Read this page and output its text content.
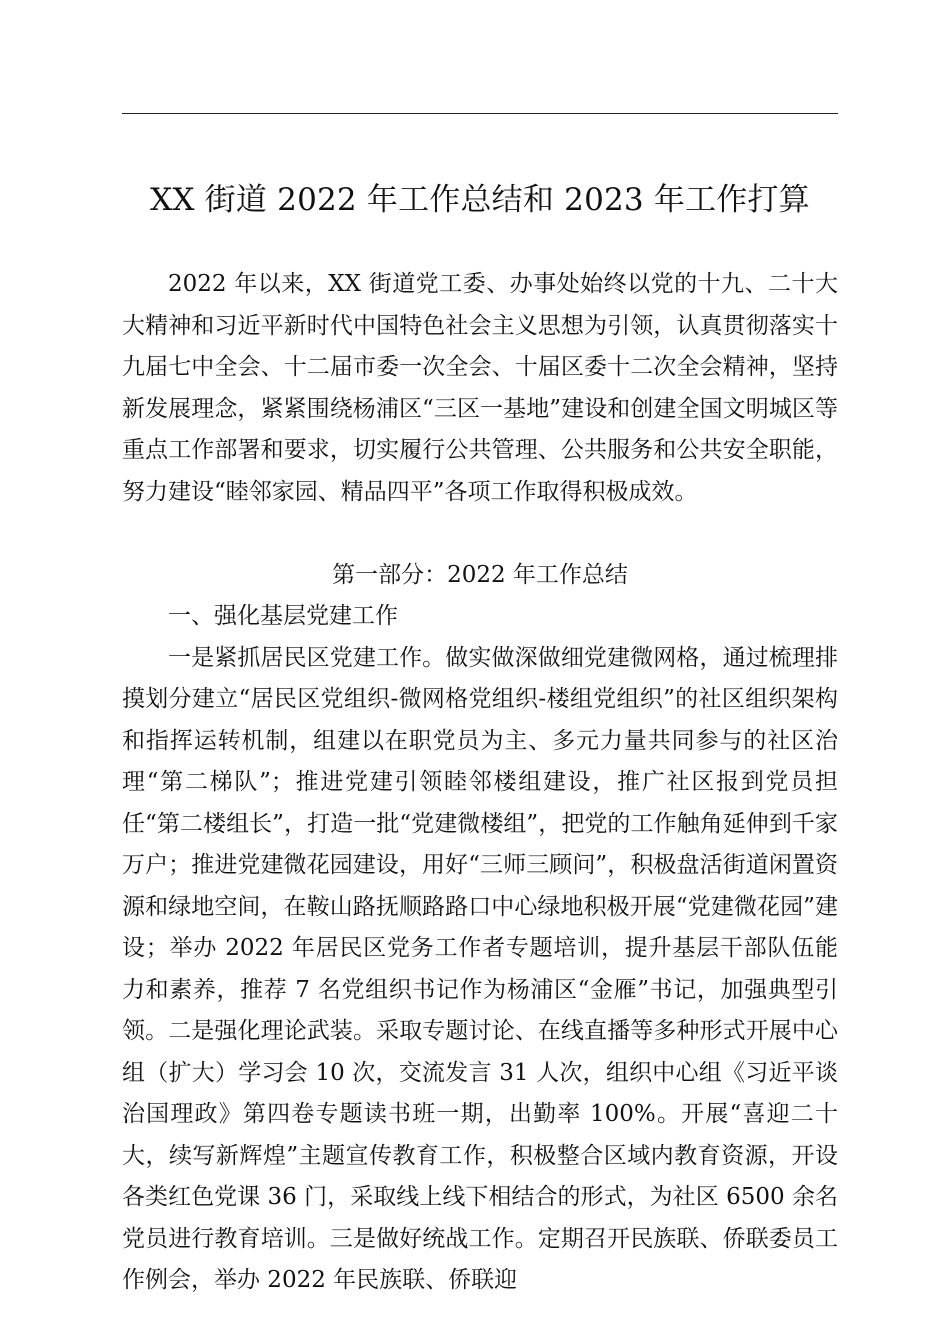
XX 街道 2022 年工作总结和 2023 年工作打算

2022 年以来，XX 街道党工委、办事处始终以党的十九、二十大大精神和习近平新时代中国特色社会主义思想为引领，认真贯彻落实十九届七中全会、十二届市委一次全会、十届区委十二次全会精神，坚持新发展理念，紧紧围绕杨浦区“三区一基地”建设和创建全国文明城区等重点工作部署和要求，切实履行公共管理、公共服务和公共安全职能，努力建设“睦邻家园、精品四平”各项工作取得积极成效。

第一部分：2022 年工作总结

一、强化基层党建工作

一是紧抓居民区党建工作。做实做深做细党建微网格，通过梳理排摸划分建立“居民区党组织-微网格党组织-楼组党组织”的社区组织架构和指挥运转机制，组建以在职党员为主、多元力量共同参与的社区治理“第二梯队”；推进党建引领睦邻楼组建设，推广社区报到党员担任“第二楼组长”，打造一批“党建微楼组”，把党的工作触角延伸到千家万户；推进党建微花园建设，用好“三师三顾问”，积极盘活街道闲置资源和绿地空间，在鞍山路抚顺路路口中心绿地积极开展“党建微花园”建设；举办 2022 年居民区党务工作者专题培训，提升基层干部队伍能力和素养，推荐 7 名党组织书记作为杨浦区“金雁”书记，加强典型引领。二是强化理论武装。采取专题讨论、在线直播等多种形式开展中心组（扩大）学习会 10 次，交流发言 31 人次，组织中心组《习近平谈治国理政》第四卷专题读书班一期，出勤率 100%。开展“喜迎二十大，续写新辉煌”主题宣传教育工作，积极整合区域内教育资源，开设各类红色党课 36 门，采取线上线下相结合的形式，为社区 6500 余名党员进行教育培训。三是做好统战工作。定期召开民族联、侨联委员工作例会，举办 2022 年民族联、侨联迎
